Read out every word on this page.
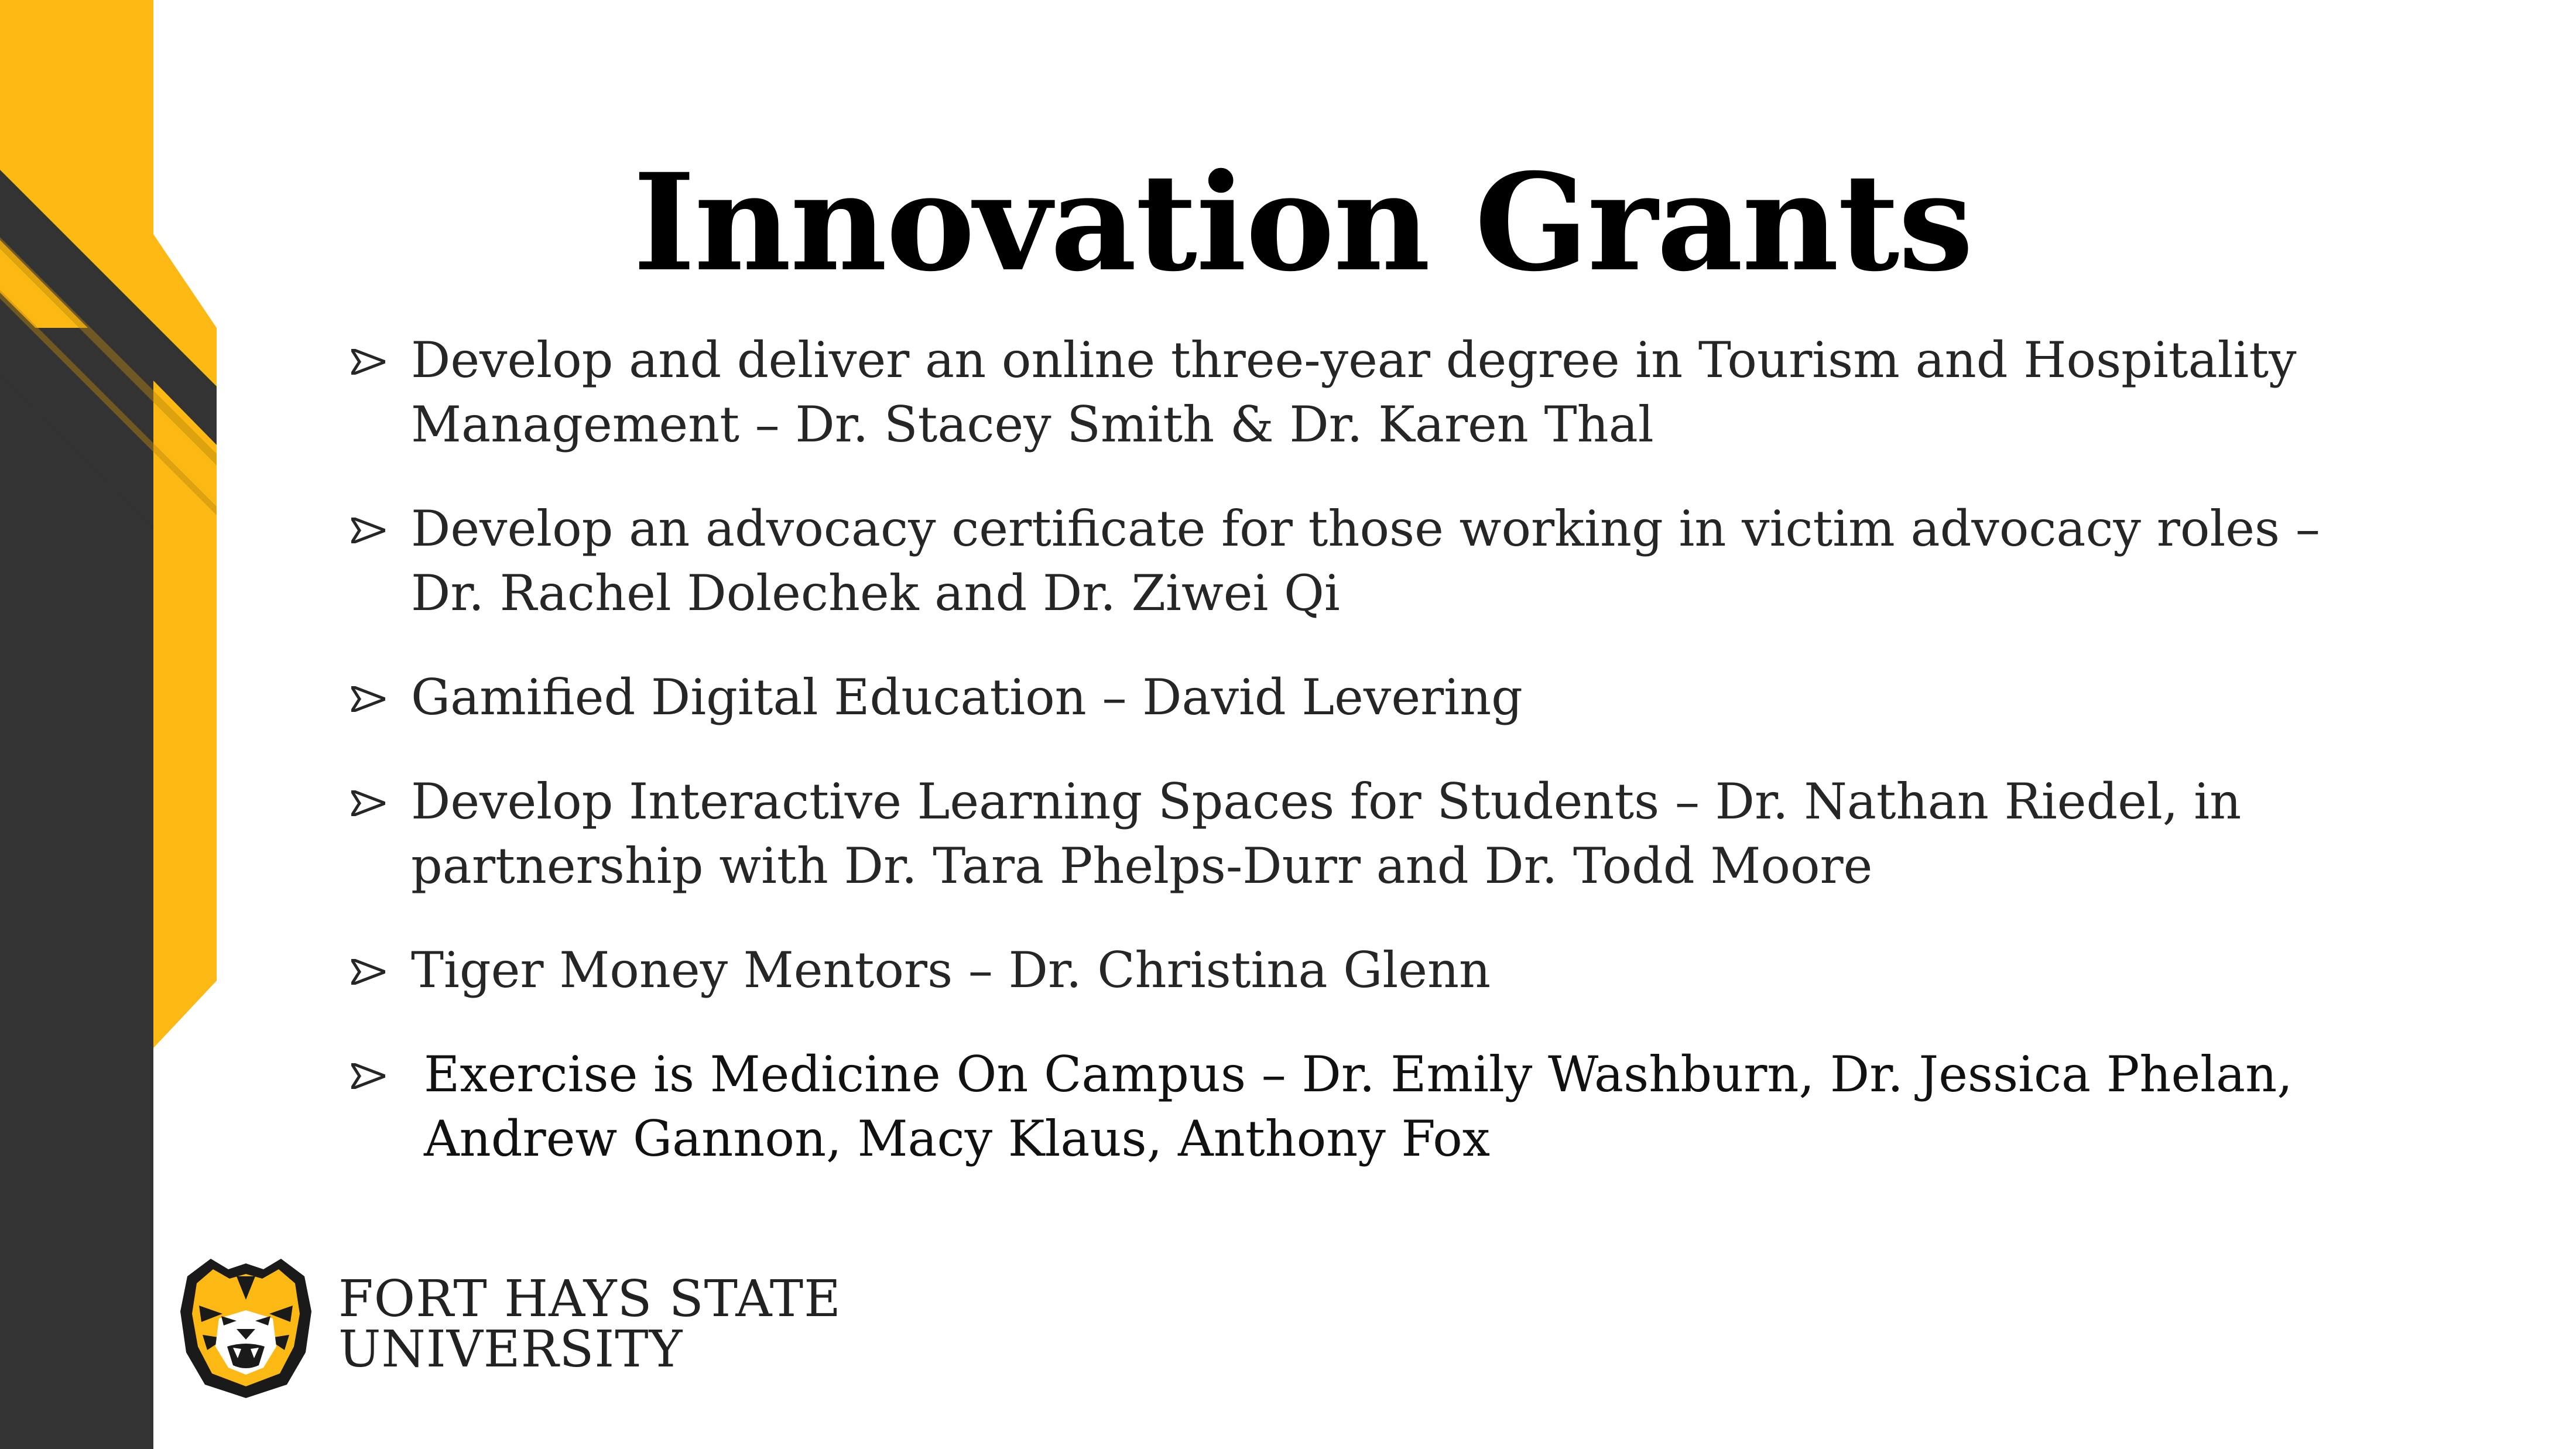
Innovation Grants
Develop and deliver an online three-year degree in Tourism and Hospitality Management – Dr. Stacey Smith & Dr. Karen Thal
Develop an advocacy certificate for those working in victim advocacy roles – Dr. Rachel Dolechek and Dr. Ziwei Qi
Gamified Digital Education – David Levering
Develop Interactive Learning Spaces for Students – Dr. Nathan Riedel, in partnership with Dr. Tara Phelps-Durr and Dr. Todd Moore
Tiger Money Mentors – Dr. Christina Glenn
Exercise is Medicine On Campus – Dr. Emily Washburn, Dr. Jessica Phelan, Andrew Gannon, Macy Klaus, Anthony Fox
FORT HAYS STATE
UNIVERSITY
